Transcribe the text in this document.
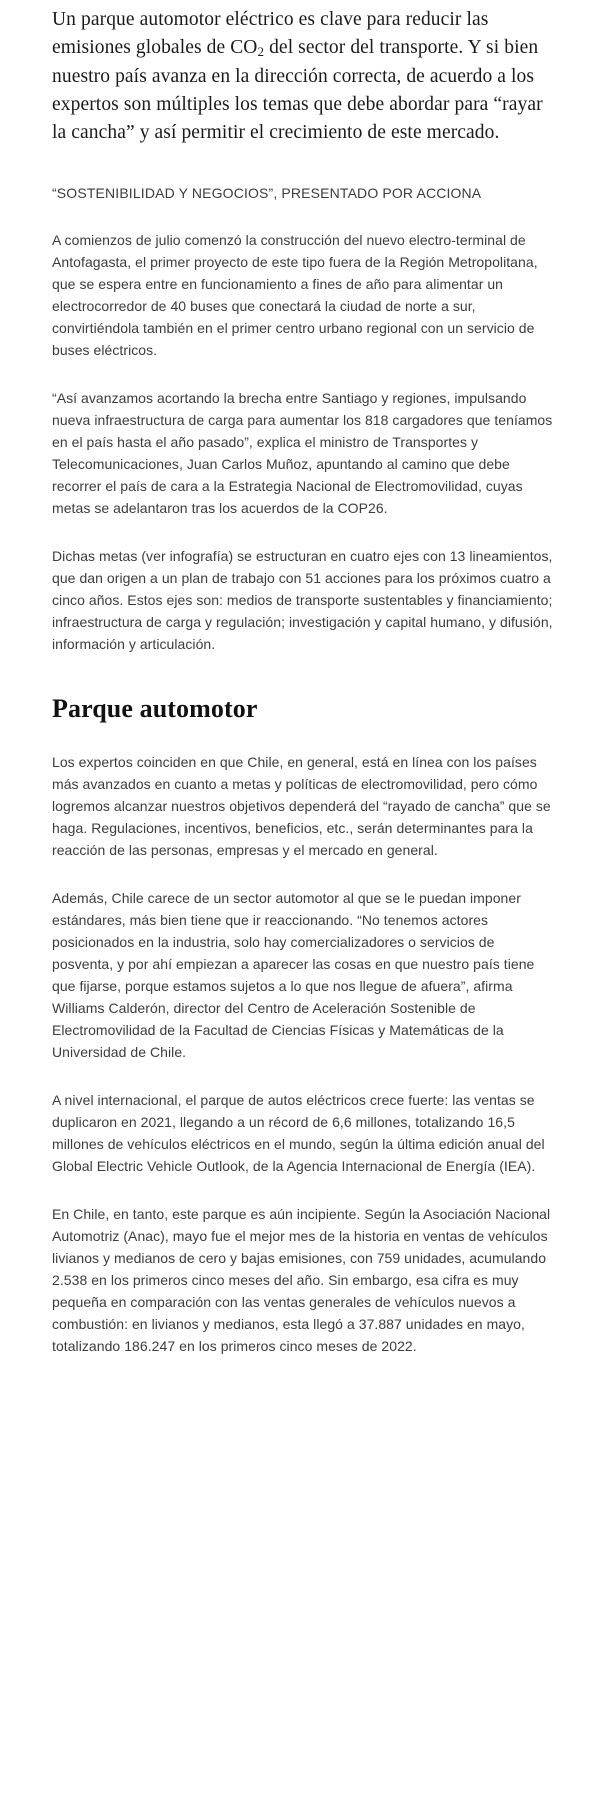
Un parque automotor eléctrico es clave para reducir las emisiones globales de $CO_2$ del sector del transporte. Y si bien nuestro país avanza en la dirección correcta, de acuerdo a los expertos son múltiples los temas que debe abordar para “rayar la cancha” y así permitir el crecimiento de este mercado.

“SOSTENIBILIDAD Y NEGOCIOS”, PRESENTADO POR ACCIONA

A comienzos de julio comenzó la construcción del nuevo electro-terminal de Antofagasta, el primer proyecto de este tipo fuera de la Región Metropolitana, que se espera entre en funcionamiento a fines de año para alimentar un electrocorredor de 40 buses que conectará la ciudad de norte a sur, convirtiéndola también en el primer centro urbano regional con un servicio de buses eléctricos.

“Así avanzamos acortando la brecha entre Santiago y regiones, impulsando nueva infraestructura de carga para aumentar los 818 cargadores que teníamos en el país hasta el año pasado”, explica el ministro de Transportes y Telecomunicaciones, Juan Carlos Muñoz, apuntando al camino que debe recorrer el país de cara a la Estrategia Nacional de Electromovilidad, cuyas metas se adelantaron tras los acuerdos de la COP26.

Dichas metas (ver infografía) se estructuran en cuatro ejes con 13 lineamientos, que dan origen a un plan de trabajo con 51 acciones para los próximos cuatro a cinco años. Estos ejes son: medios de transporte sustentables y financiamiento; infraestructura de carga y regulación; investigación y capital humano, y difusión, información y articulación.

Parque automotor

Los expertos coinciden en que Chile, en general, está en línea con los países más avanzados en cuanto a metas y políticas de electromovilidad, pero cómo logremos alcanzar nuestros objetivos dependerá del “rayado de cancha” que se haga. Regulaciones, incentivos, beneficios, etc., serán determinantes para la reacción de las personas, empresas y el mercado en general.

Además, Chile carece de un sector automotor al que se le puedan imponer estándares, más bien tiene que ir reaccionando. “No tenemos actores posicionados en la industria, solo hay comercializadores o servicios de posventa, y por ahí empiezan a aparecer las cosas en que nuestro país tiene que fijarse, porque estamos sujetos a lo que nos llegue de afuera”, afirma Williams Calderón, director del Centro de Aceleración Sostenible de Electromovilidad de la Facultad de Ciencias Físicas y Matemáticas de la Universidad de Chile.

A nivel internacional, el parque de autos eléctricos crece fuerte: las ventas se duplicaron en 2021, llegando a un récord de 6,6 millones, totalizando 16,5 millones de vehículos eléctricos en el mundo, según la última edición anual del Global Electric Vehicle Outlook, de la Agencia Internacional de Energía (IEA).

En Chile, en tanto, este parque es aún incipiente. Según la Asociación Nacional Automotriz (Anac), mayo fue el mejor mes de la historia en ventas de vehículos livianos y medianos de cero y bajas emisiones, con 759 unidades, acumulando 2.538 en los primeros cinco meses del año. Sin embargo, esa cifra es muy pequeña en comparación con las ventas generales de vehículos nuevos a combustión: en livianos y medianos, esta llegó a 37.887 unidades en mayo, totalizando 186.247 en los primeros cinco meses de 2022.
